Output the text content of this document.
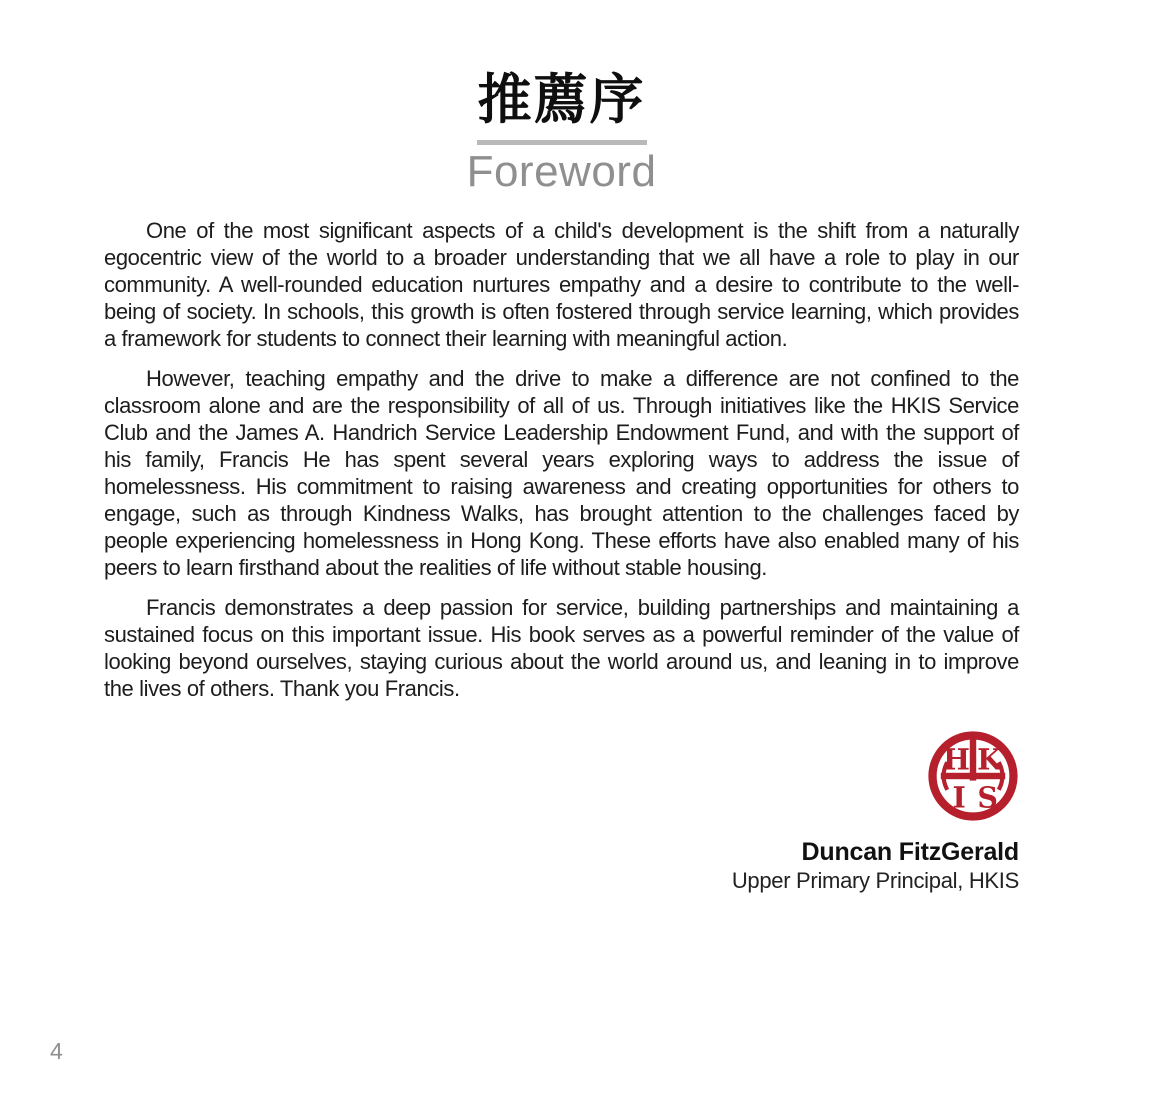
推薦序
Foreword

One of the most significant aspects of a child's development is the shift from a naturally egocentric view of the world to a broader understanding that we all have a role to play in our community. A well-rounded education nurtures empathy and a desire to contribute to the well-being of society. In schools, this growth is often fostered through service learning, which provides a framework for students to connect their learning with meaningful action.

However, teaching empathy and the drive to make a difference are not confined to the classroom alone and are the responsibility of all of us. Through initiatives like the HKIS Service Club and the James A. Handrich Service Leadership Endowment Fund, and with the support of his family, Francis He has spent several years exploring ways to address the issue of homelessness. His commitment to raising awareness and creating opportunities for others to engage, such as through Kindness Walks, has brought attention to the challenges faced by people experiencing homelessness in Hong Kong. These efforts have also enabled many of his peers to learn firsthand about the realities of life without stable housing.

Francis demonstrates a deep passion for service, building partnerships and maintaining a sustained focus on this important issue. His book serves as a powerful reminder of the value of looking beyond ourselves, staying curious about the world around us, and leaning in to improve the lives of others. Thank you Francis.

H K
I S
Duncan FitzGerald
Upper Primary Principal, HKIS
4
